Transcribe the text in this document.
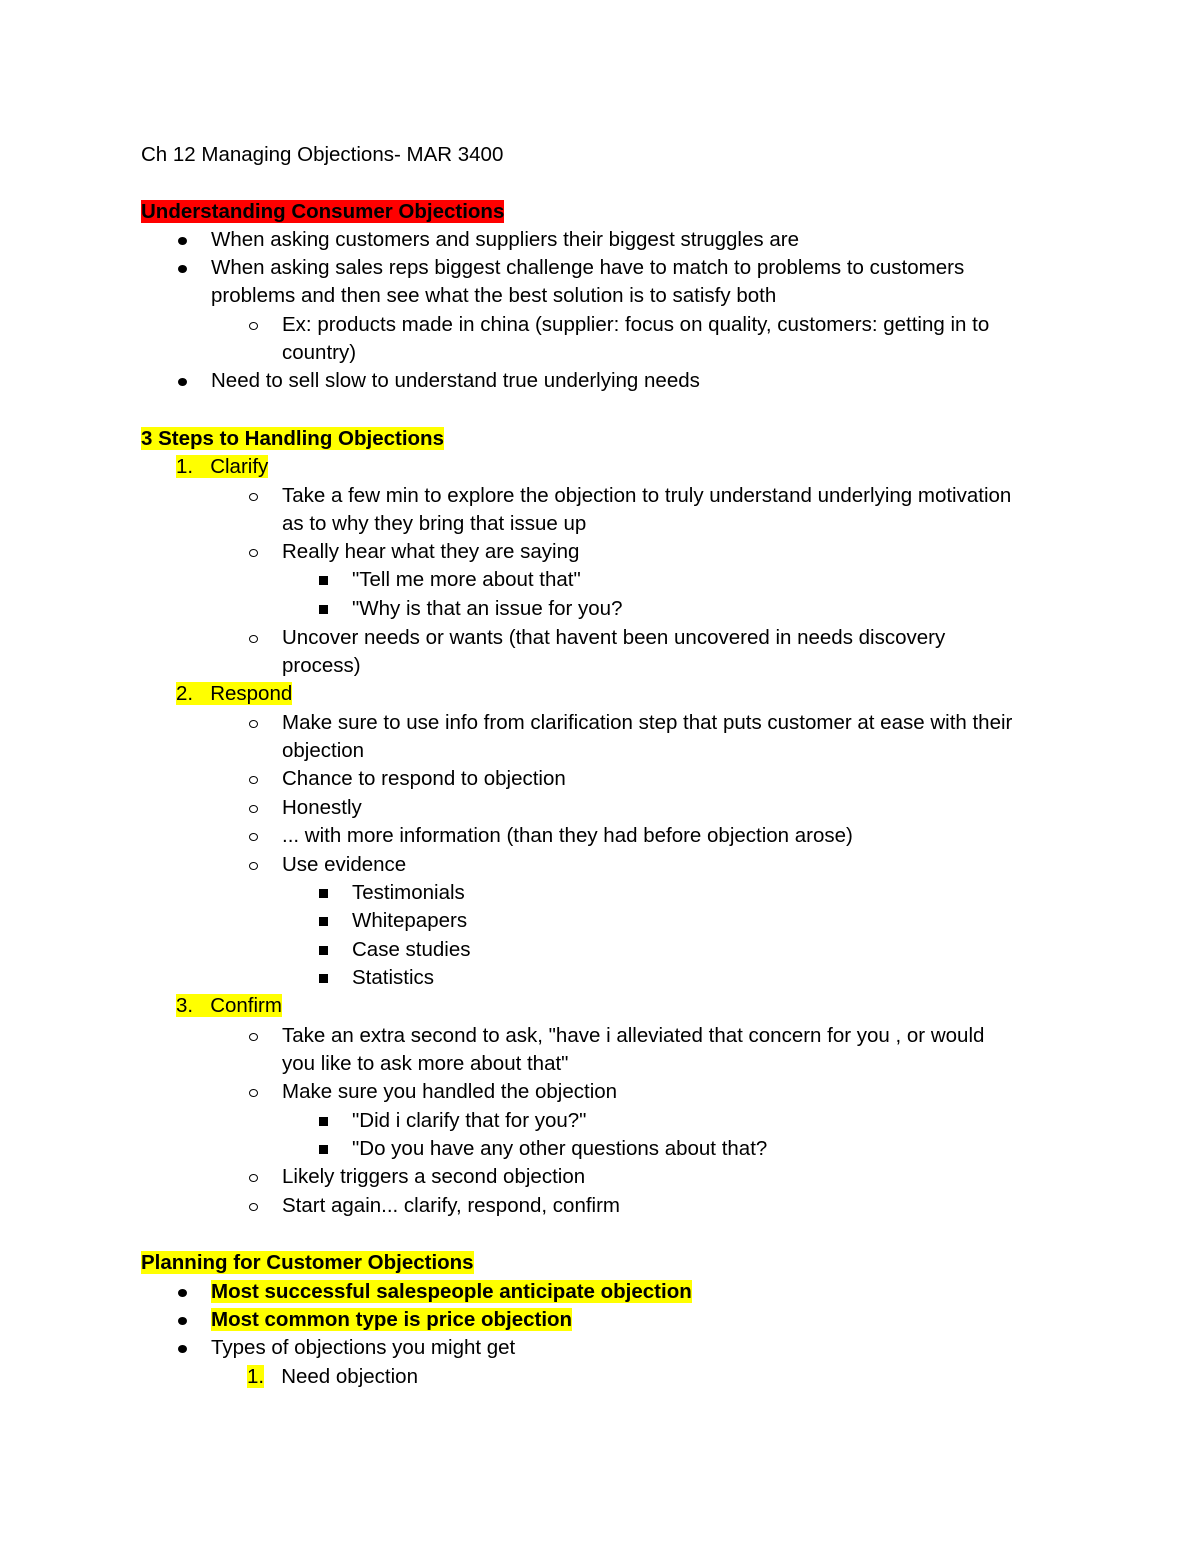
Ch 12 Managing Objections- MAR 3400
Understanding Consumer Objections
When asking customers and suppliers their biggest struggles are
When asking sales reps biggest challenge have to match to problems to customers
problems and then see what the best solution is to satisfy both
Ex: products made in china (supplier: focus on quality, customers: getting in to
country)
Need to sell slow to understand true underlying needs
3 Steps to Handling Objections
1. Clarify
Take a few min to explore the objection to truly understand underlying motivation
as to why they bring that issue up
Really hear what they are saying
"Tell me more about that"
"Why is that an issue for you?
Uncover needs or wants (that havent been uncovered in needs discovery
process)
2. Respond
Make sure to use info from clarification step that puts customer at ease with their
objection
Chance to respond to objection
Honestly
... with more information (than they had before objection arose)
Use evidence
Testimonials
Whitepapers
Case studies
Statistics
3. Confirm
Take an extra second to ask, "have i alleviated that concern for you , or would
you like to ask more about that"
Make sure you handled the objection
"Did i clarify that for you?"
"Do you have any other questions about that?
Likely triggers a second objection
Start again... clarify, respond, confirm
Planning for Customer Objections
Most successful salespeople anticipate objection
Most common type is price objection
Types of objections you might get
1. Need objection
